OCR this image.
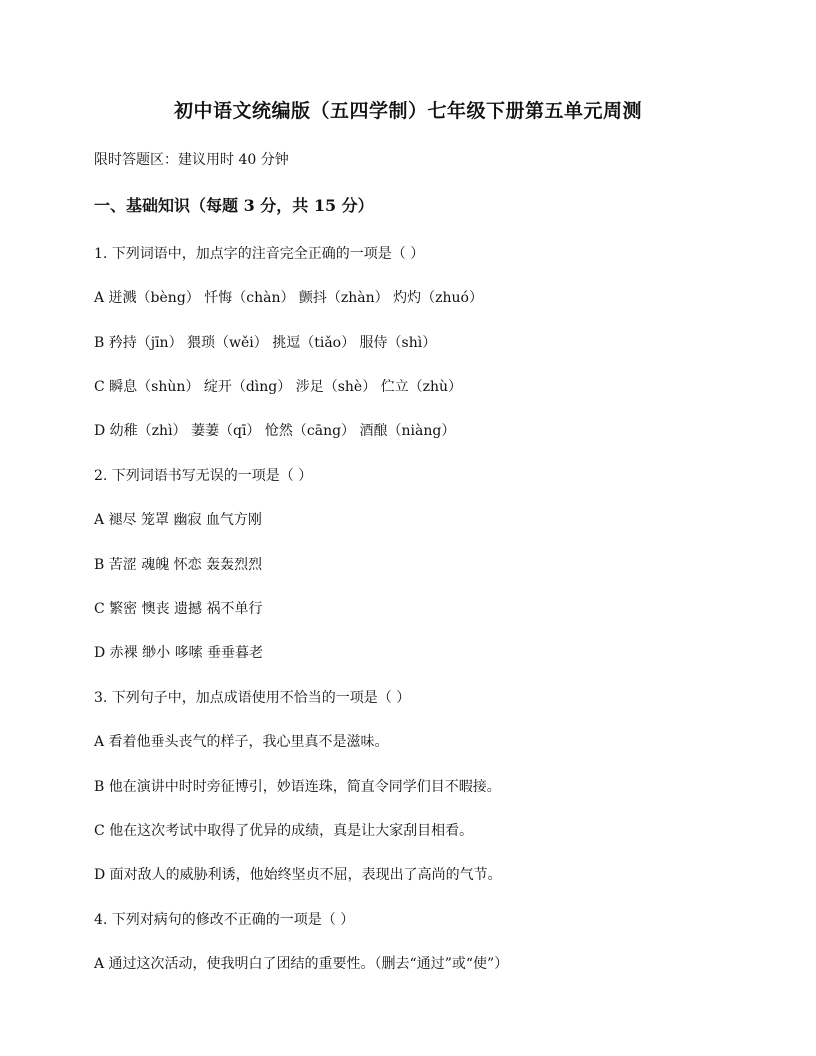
初中语文统编版（五四学制）七年级下册第五单元周测

限时答题区：建议用时 40 分钟

一、基础知识（每题 3 分，共 15 分）

1. 下列词语中，加点字的注音完全正确的一项是（ ）

A 迸溅（bèng） 忏悔（chàn） 颤抖（zhàn） 灼灼（zhuó）

B 矜持（jīn） 猥琐（wěi） 挑逗（tiǎo） 服侍（shì）

C 瞬息（shùn） 绽开（dìng） 涉足（shè） 伫立（zhù）

D 幼稚（zhì） 萋萋（qī） 怆然（cāng） 酒酿（niàng）

2. 下列词语书写无误的一项是（ ）

A 褪尽 笼罩 幽寂 血气方刚

B 苦涩 魂魄 怀恋 轰轰烈烈

C 繁密 懊丧 遗撼 祸不单行

D 赤裸 缈小 哆嗦 垂垂暮老

3. 下列句子中，加点成语使用不恰当的一项是（ ）

A 看着他垂头丧气的样子，我心里真不是滋味。

B 他在演讲中时时旁征博引，妙语连珠，简直令同学们目不暇接。

C 他在这次考试中取得了优异的成绩，真是让大家刮目相看。

D 面对敌人的威胁利诱，他始终坚贞不屈，表现出了高尚的气节。

4. 下列对病句的修改不正确的一项是（ ）

A 通过这次活动，使我明白了团结的重要性。（删去“通过”或“使”）
